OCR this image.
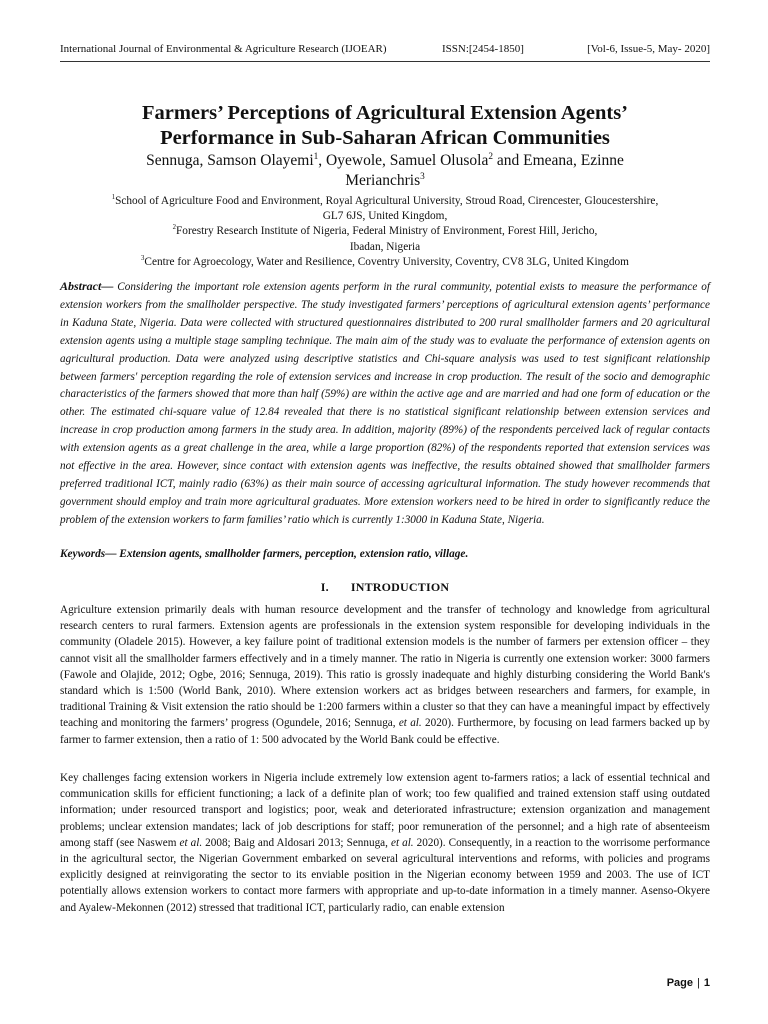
International Journal of Environmental & Agriculture Research (IJOEAR)	ISSN:[2454-1850]	[Vol-6, Issue-5, May- 2020]
Farmers’ Perceptions of Agricultural Extension Agents’
Performance in Sub-Saharan African Communities
Sennuga, Samson Olayemi$^1$, Oyewole, Samuel Olusola$^2$ and Emeana, Ezinne
Merianchris$^3$
$^1$School of Agriculture Food and Environment, Royal Agricultural University, Stroud Road, Cirencester, Gloucestershire,
GL7 6JS, United Kingdom,
$^2$Forestry Research Institute of Nigeria, Federal Ministry of Environment, Forest Hill, Jericho,
Ibadan, Nigeria
$^3$Centre for Agroecology, Water and Resilience, Coventry University, Coventry, CV8 3LG, United Kingdom
Abstract— Considering the important role extension agents perform in the rural community, potential exists to measure the performance of extension workers from the smallholder perspective. The study investigated farmers’ perceptions of agricultural extension agents’ performance in Kaduna State, Nigeria. Data were collected with structured questionnaires distributed to 200 rural smallholder farmers and 20 agricultural extension agents using a multiple stage sampling technique. The main aim of the study was to evaluate the performance of extension agents on agricultural production. Data were analyzed using descriptive statistics and Chi-square analysis was used to test significant relationship between farmers' perception regarding the role of extension services and increase in crop production. The result of the socio and demographic characteristics of the farmers showed that more than half (59%) are within the active age and are married and had one form of education or the other. The estimated chi-square value of 12.84 revealed that there is no statistical significant relationship between extension services and increase in crop production among farmers in the study area. In addition, majority (89%) of the respondents perceived lack of regular contacts with extension agents as a great challenge in the area, while a large proportion (82%) of the respondents reported that extension services was not effective in the area. However, since contact with extension agents was ineffective, the results obtained showed that smallholder farmers preferred traditional ICT, mainly radio (63%) as their main source of accessing agricultural information. The study however recommends that government should employ and train more agricultural graduates. More extension workers need to be hired in order to significantly reduce the problem of the extension workers to farm families’ ratio which is currently 1:3000 in Kaduna State, Nigeria.
Keywords— Extension agents, smallholder farmers, perception, extension ratio, village.
I. INTRODUCTION
Agriculture extension primarily deals with human resource development and the transfer of technology and knowledge from agricultural research centers to rural farmers. Extension agents are professionals in the extension system responsible for developing individuals in the community (Oladele 2015). However, a key failure point of traditional extension models is the number of farmers per extension officer – they cannot visit all the smallholder farmers effectively and in a timely manner. The ratio in Nigeria is currently one extension worker: 3000 farmers (Fawole and Olajide, 2012; Ogbe, 2016; Sennuga, 2019). This ratio is grossly inadequate and highly disturbing considering the World Bank's standard which is 1:500 (World Bank, 2010). Where extension workers act as bridges between researchers and farmers, for example, in traditional Training & Visit extension the ratio should be 1:200 farmers within a cluster so that they can have a meaningful impact by effectively teaching and monitoring the farmers’ progress (Ogundele, 2016; Sennuga, et al. 2020). Furthermore, by focusing on lead farmers backed up by farmer to farmer extension, then a ratio of 1: 500 advocated by the World Bank could be effective.
Key challenges facing extension workers in Nigeria include extremely low extension agent to-farmers ratios; a lack of essential technical and communication skills for efficient functioning; a lack of a definite plan of work; too few qualified and trained extension staff using outdated information; under resourced transport and logistics; poor, weak and deteriorated infrastructure; extension organization and management problems; unclear extension mandates; lack of job descriptions for staff; poor remuneration of the personnel; and a high rate of absenteeism among staff (see Naswem et al. 2008; Baig and Aldosari 2013; Sennuga, et al. 2020). Consequently, in a reaction to the worrisome performance in the agricultural sector, the Nigerian Government embarked on several agricultural interventions and reforms, with policies and programs explicitly designed at reinvigorating the sector to its enviable position in the Nigerian economy between 1959 and 2003. The use of ICT potentially allows extension workers to contact more farmers with appropriate and up-to-date information in a timely manner. Asenso-Okyere and Ayalew-Mekonnen (2012) stressed that traditional ICT, particularly radio, can enable extension
Page | 1
